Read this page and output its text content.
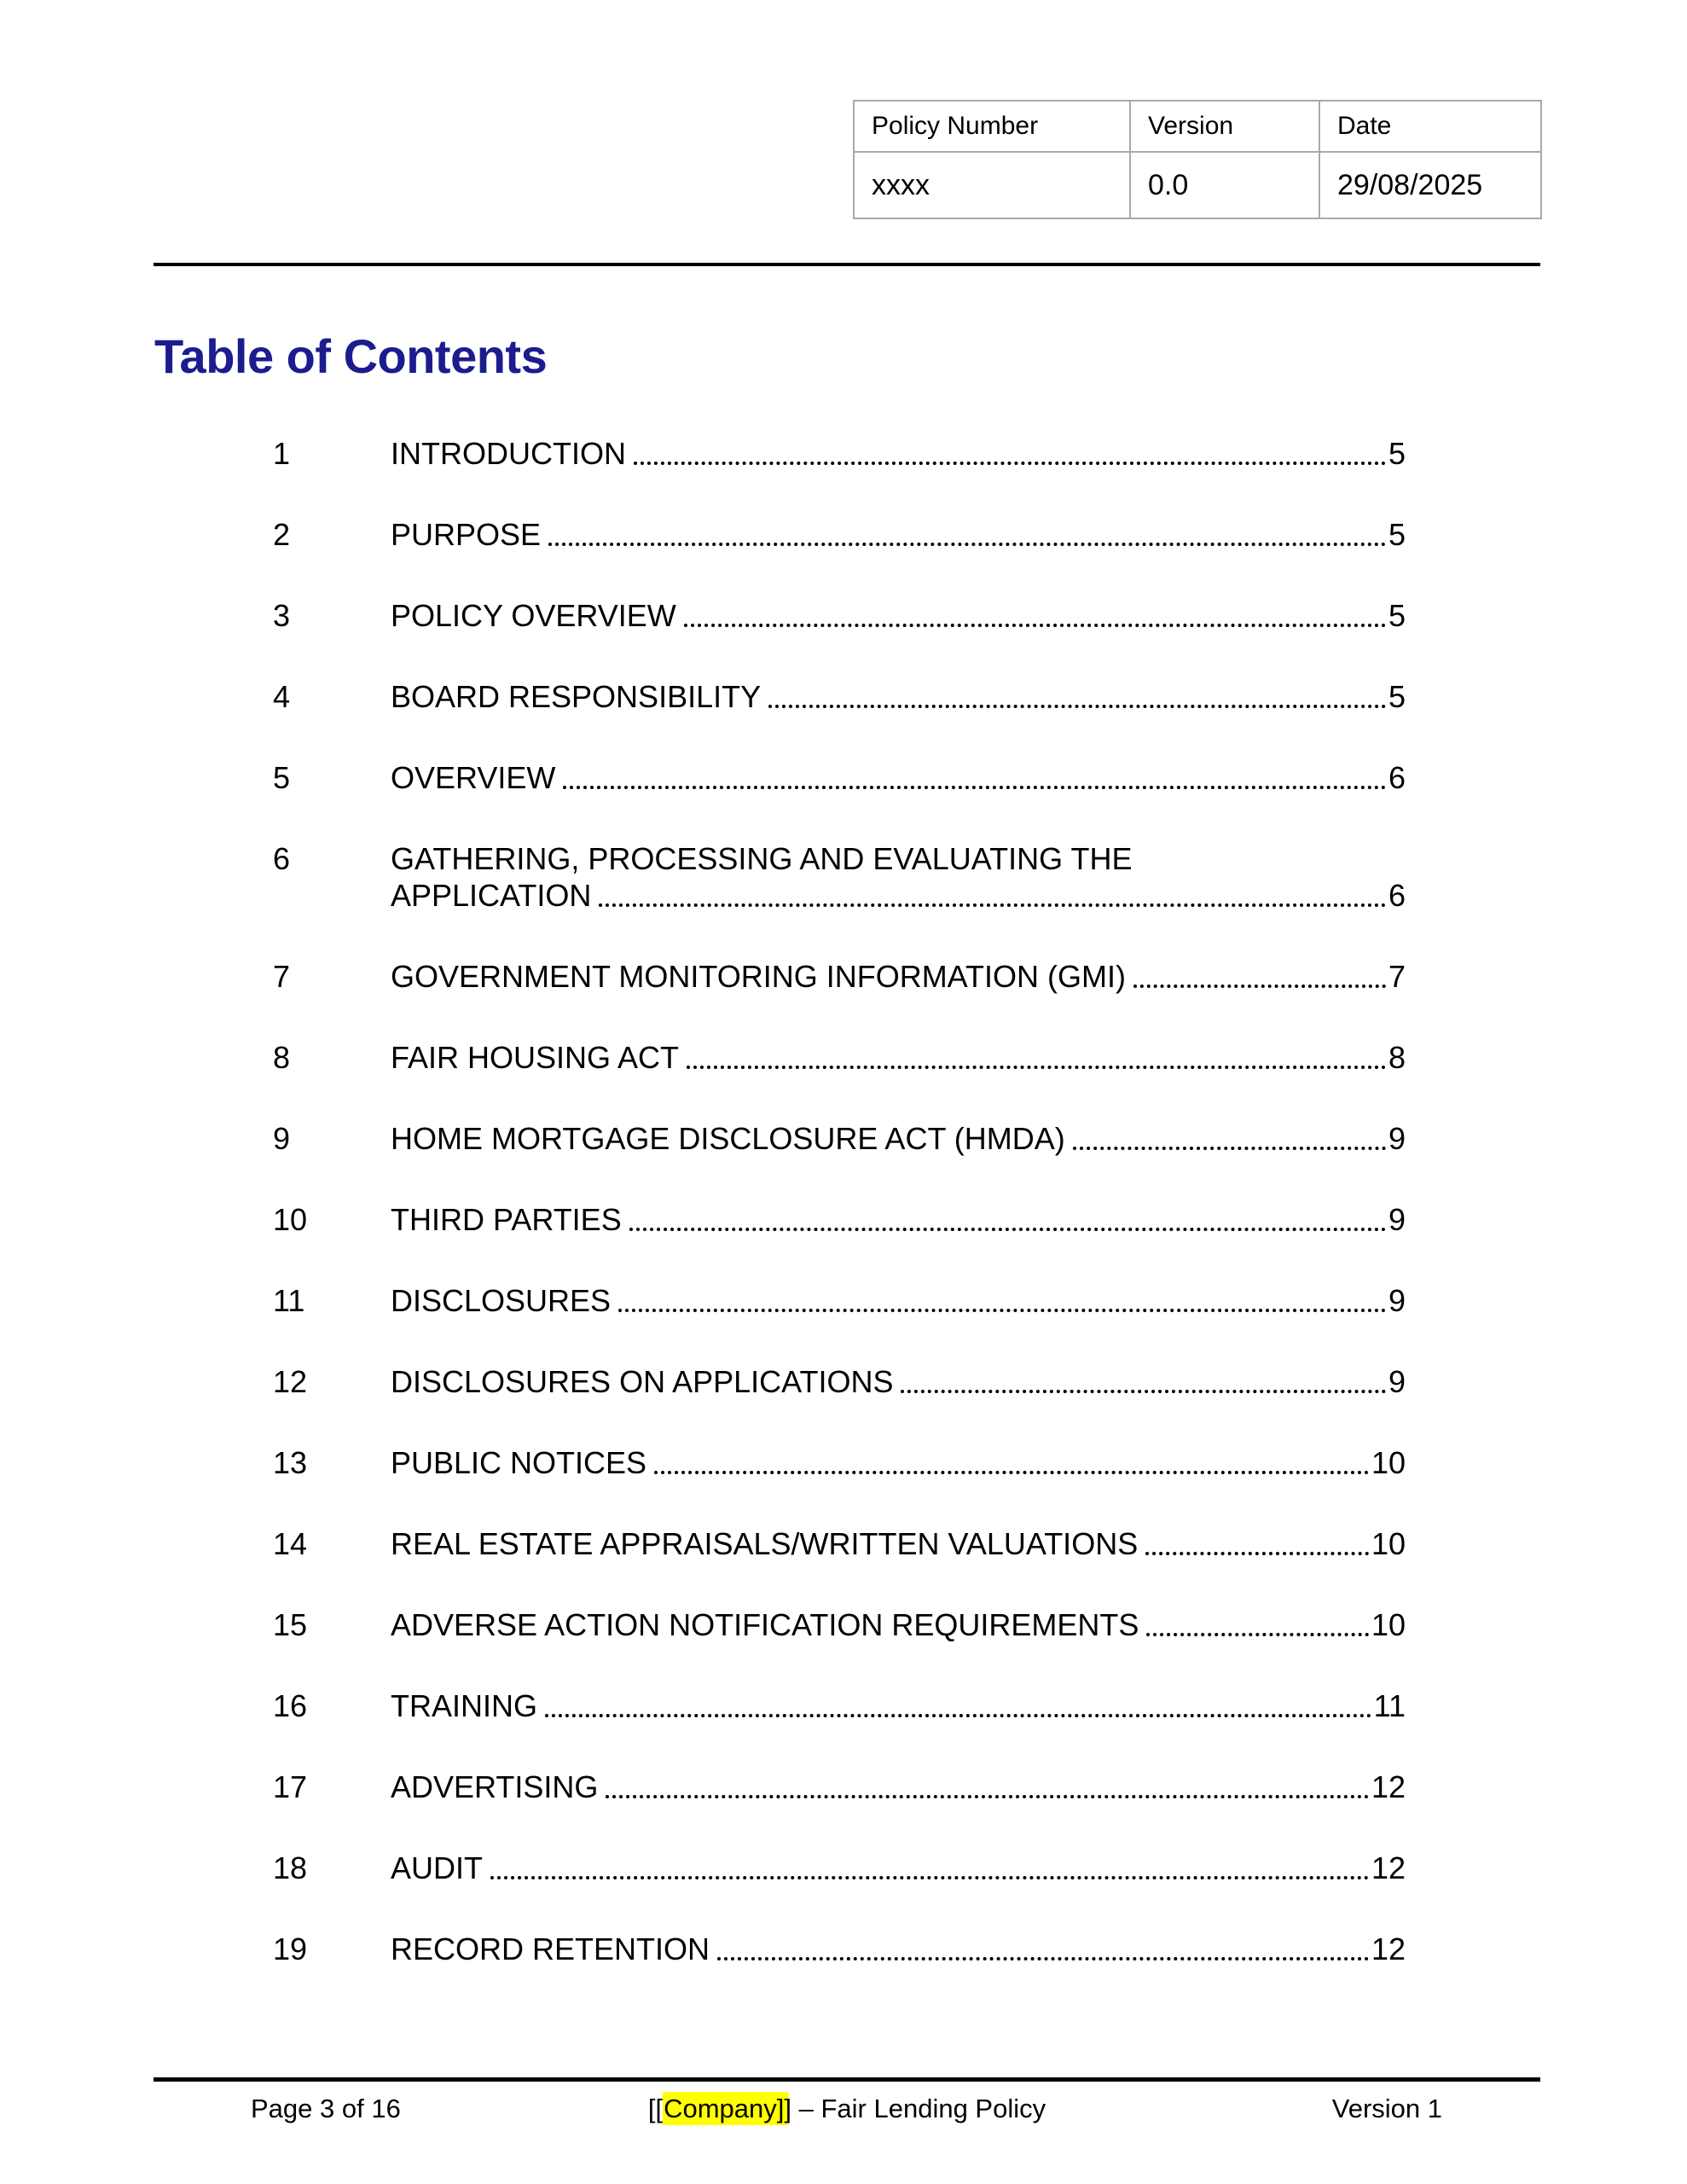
Policy Number	Version	Date
xxxx	0.0	29/08/2025
Table of Contents
1	INTRODUCTION	5
2	PURPOSE	5
3	POLICY OVERVIEW	5
4	BOARD RESPONSIBILITY	5
5	OVERVIEW	6
6	GATHERING, PROCESSING AND EVALUATING THE
APPLICATION	6
7	GOVERNMENT MONITORING INFORMATION (GMI)	7
8	FAIR HOUSING ACT	8
9	HOME MORTGAGE DISCLOSURE ACT (HMDA)	9
10	THIRD PARTIES	9
11	DISCLOSURES	9
12	DISCLOSURES ON APPLICATIONS	9
13	PUBLIC NOTICES	10
14	REAL ESTATE APPRAISALS/WRITTEN VALUATIONS	10
15	ADVERSE ACTION NOTIFICATION REQUIREMENTS	10
16	TRAINING	11
17	ADVERTISING	12
18	AUDIT	12
19	RECORD RETENTION	12
Page 3 of 16	[[Company]] – Fair Lending Policy	Version 1
